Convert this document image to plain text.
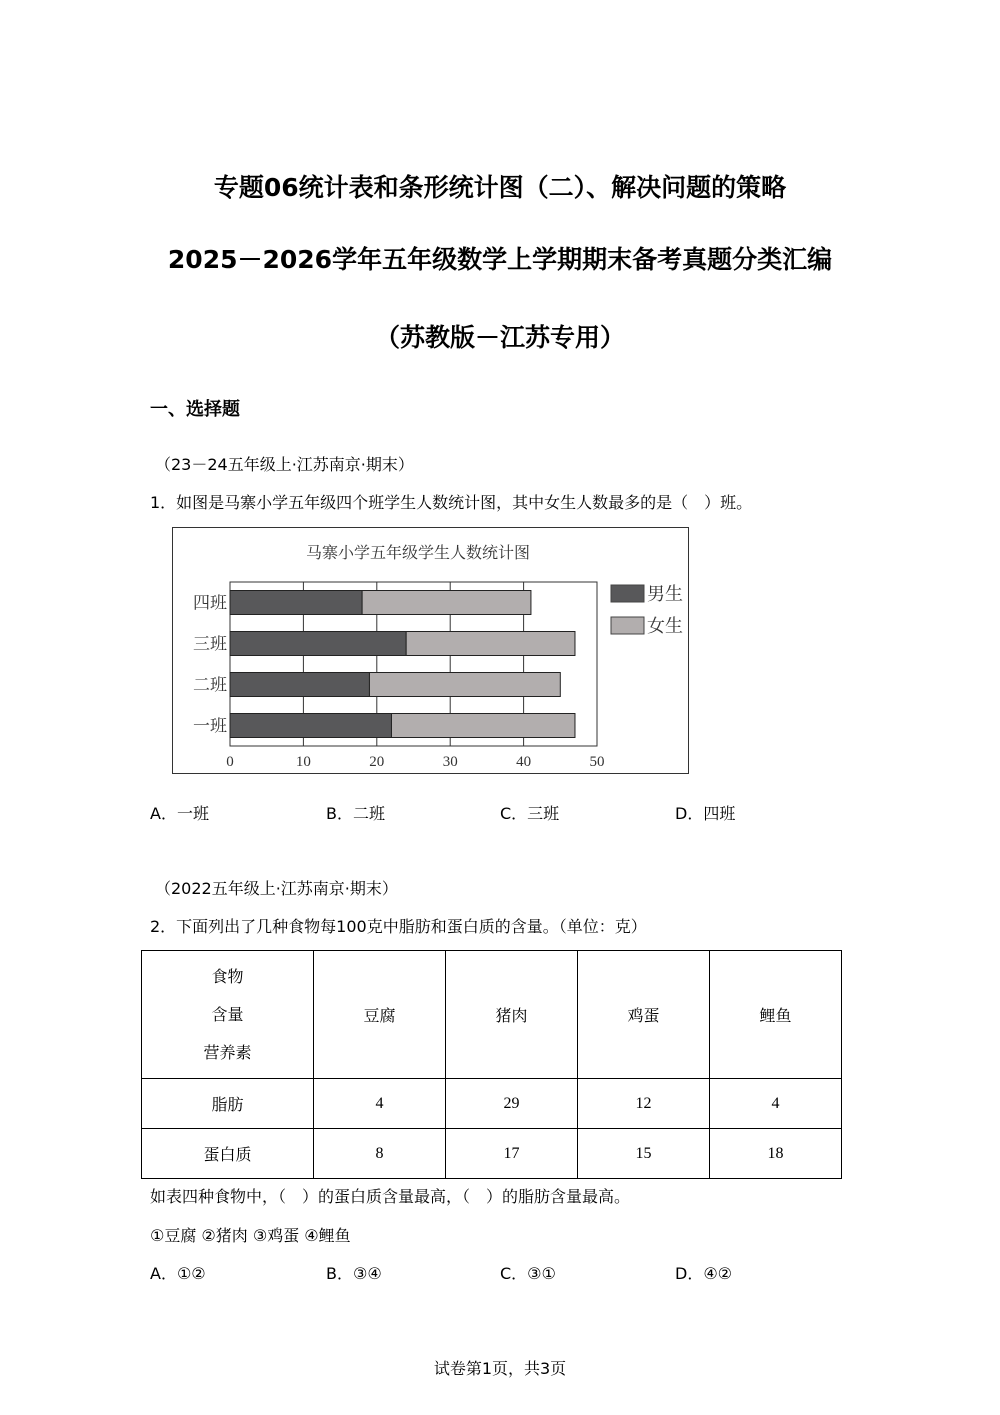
专题06统计表和条形统计图（二）、解决问题的策略
2025－2026学年五年级数学上学期期末备考真题分类汇编
（苏教版－江苏专用）
一、选择题
（23－24五年级上·江苏南京·期末）
1．如图是马寨小学五年级四个班学生人数统计图，其中女生人数最多的是（　）班。
马寨小学五年级学生人数统计图
0	10	20	30	40	50
一班
二班
三班
四班	男生
女生
A．一班	B．二班	C．三班	D．四班
（2022五年级上·江苏南京·期末）
2．下面列出了几种食物每100克中脂肪和蛋白质的含量。（单位：克）
食物
含量
营养素	豆腐	猪肉	鸡蛋	鲤鱼
脂肪	4	29	12	4
蛋白质	8	17	15	18
如表四种食物中，（　）的蛋白质含量最高，（　）的脂肪含量最高。
①豆腐 ②猪肉 ③鸡蛋 ④鲤鱼
A．①②	B．③④	C．③①	D．④②
试卷第1页，共3页
